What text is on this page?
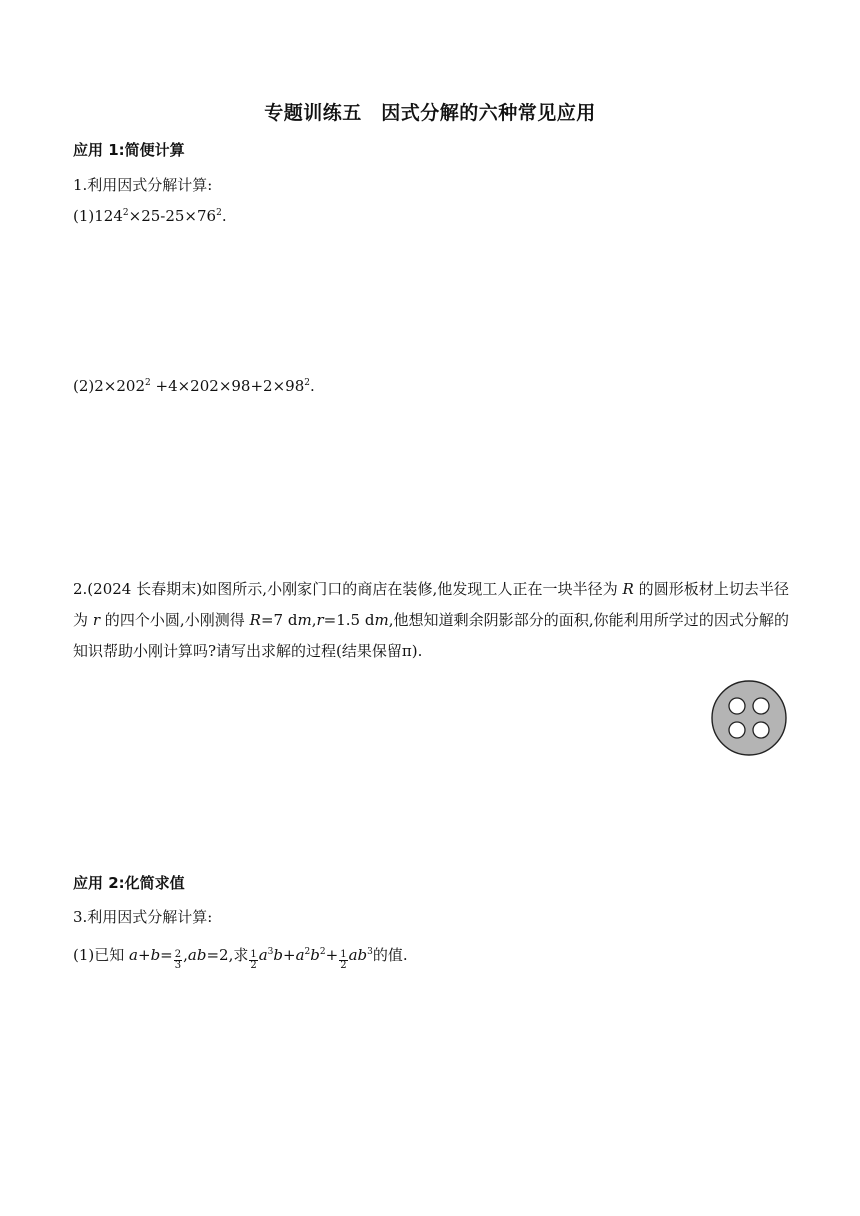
专题训练五　因式分解的六种常见应用
应用 1:简便计算
1.利用因式分解计算:
$(1)124^2\times 25-25\times 76^2$.
$(2)2\times 202^2 +4\times 202\times 98+2\times 98^2$.
2.(2024 长春期末)如图所示,小刚家门口的商店在装修,他发现工人正在一块半径为 R 的圆形板材上切去半径为 r 的四个小圆,小刚测得 R=7 dm,r=1.5 dm,他想知道剩余阴影部分的面积,你能利用所学过的因式分解的知识帮助小刚计算吗?请写出求解的过程(结果保留π).
应用 2:化简求值
3.利用因式分解计算:
(1)已知 $a+b= \frac{2}{3} ,ab=2$,求 $\frac{1}{2} a^3b+a^2b^2+ \frac{1}{2} ab^3$的值.
